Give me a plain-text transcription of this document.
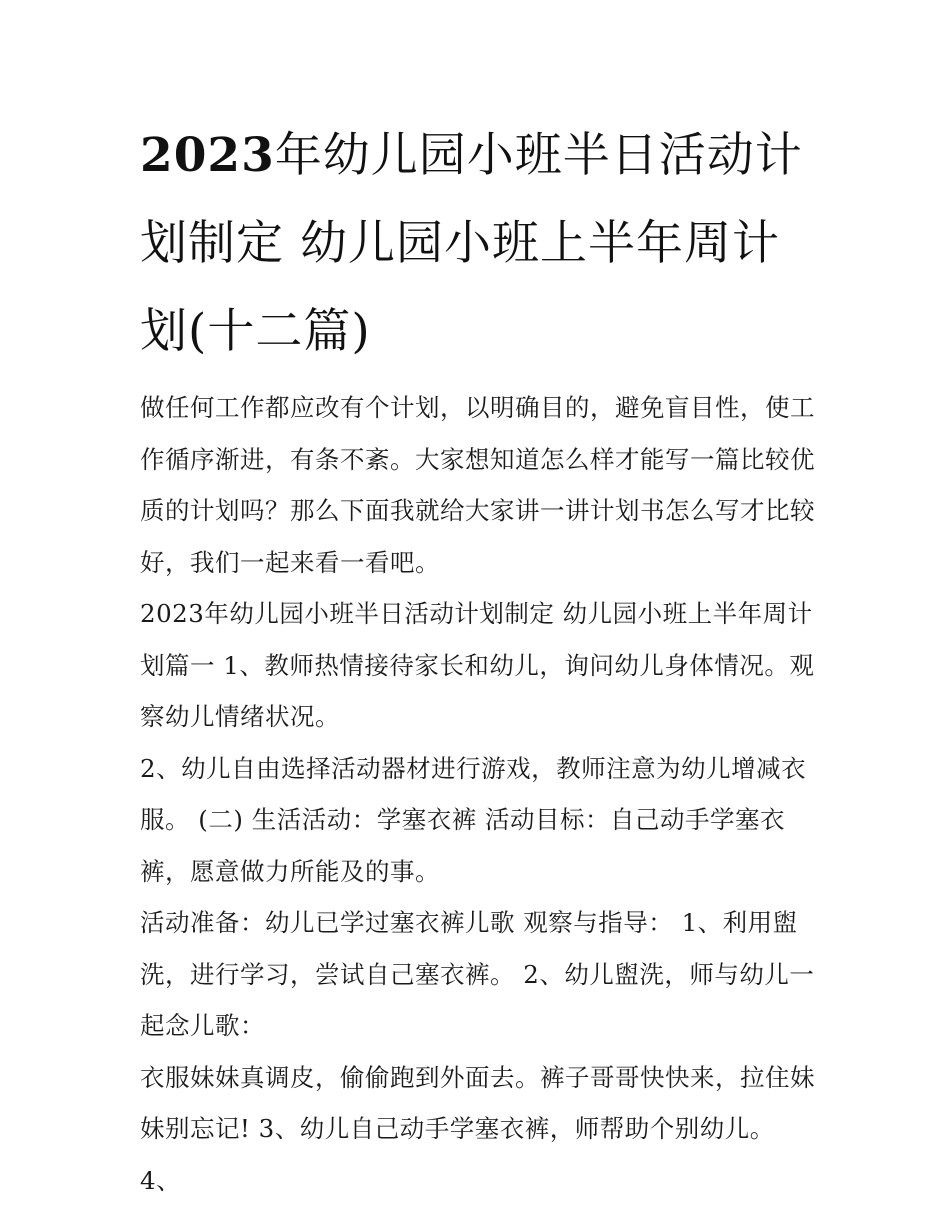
2023年幼儿园小班半日活动计划制定 幼儿园小班上半年周计划(十二篇)

做任何工作都应改有个计划，以明确目的，避免盲目性，使工作循序渐进，有条不紊。大家想知道怎么样才能写一篇比较优质的计划吗？那么下面我就给大家讲一讲计划书怎么写才比较好，我们一起来看一看吧。

2023年幼儿园小班半日活动计划制定 幼儿园小班上半年周计划篇一 1、教师热情接待家长和幼儿，询问幼儿身体情况。观察幼儿情绪状况。

2、幼儿自由选择活动器材进行游戏，教师注意为幼儿增减衣服。 (二) 生活活动：学塞衣裤 活动目标：自己动手学塞衣裤，愿意做力所能及的事。

活动准备：幼儿已学过塞衣裤儿歌 观察与指导： 1、利用盥洗，进行学习，尝试自己塞衣裤。 2、幼儿盥洗，师与幼儿一起念儿歌：

衣服妹妹真调皮，偷偷跑到外面去。裤子哥哥快快来，拉住妹妹别忘记! 3、幼儿自己动手学塞衣裤，师帮助个别幼儿。 4、
